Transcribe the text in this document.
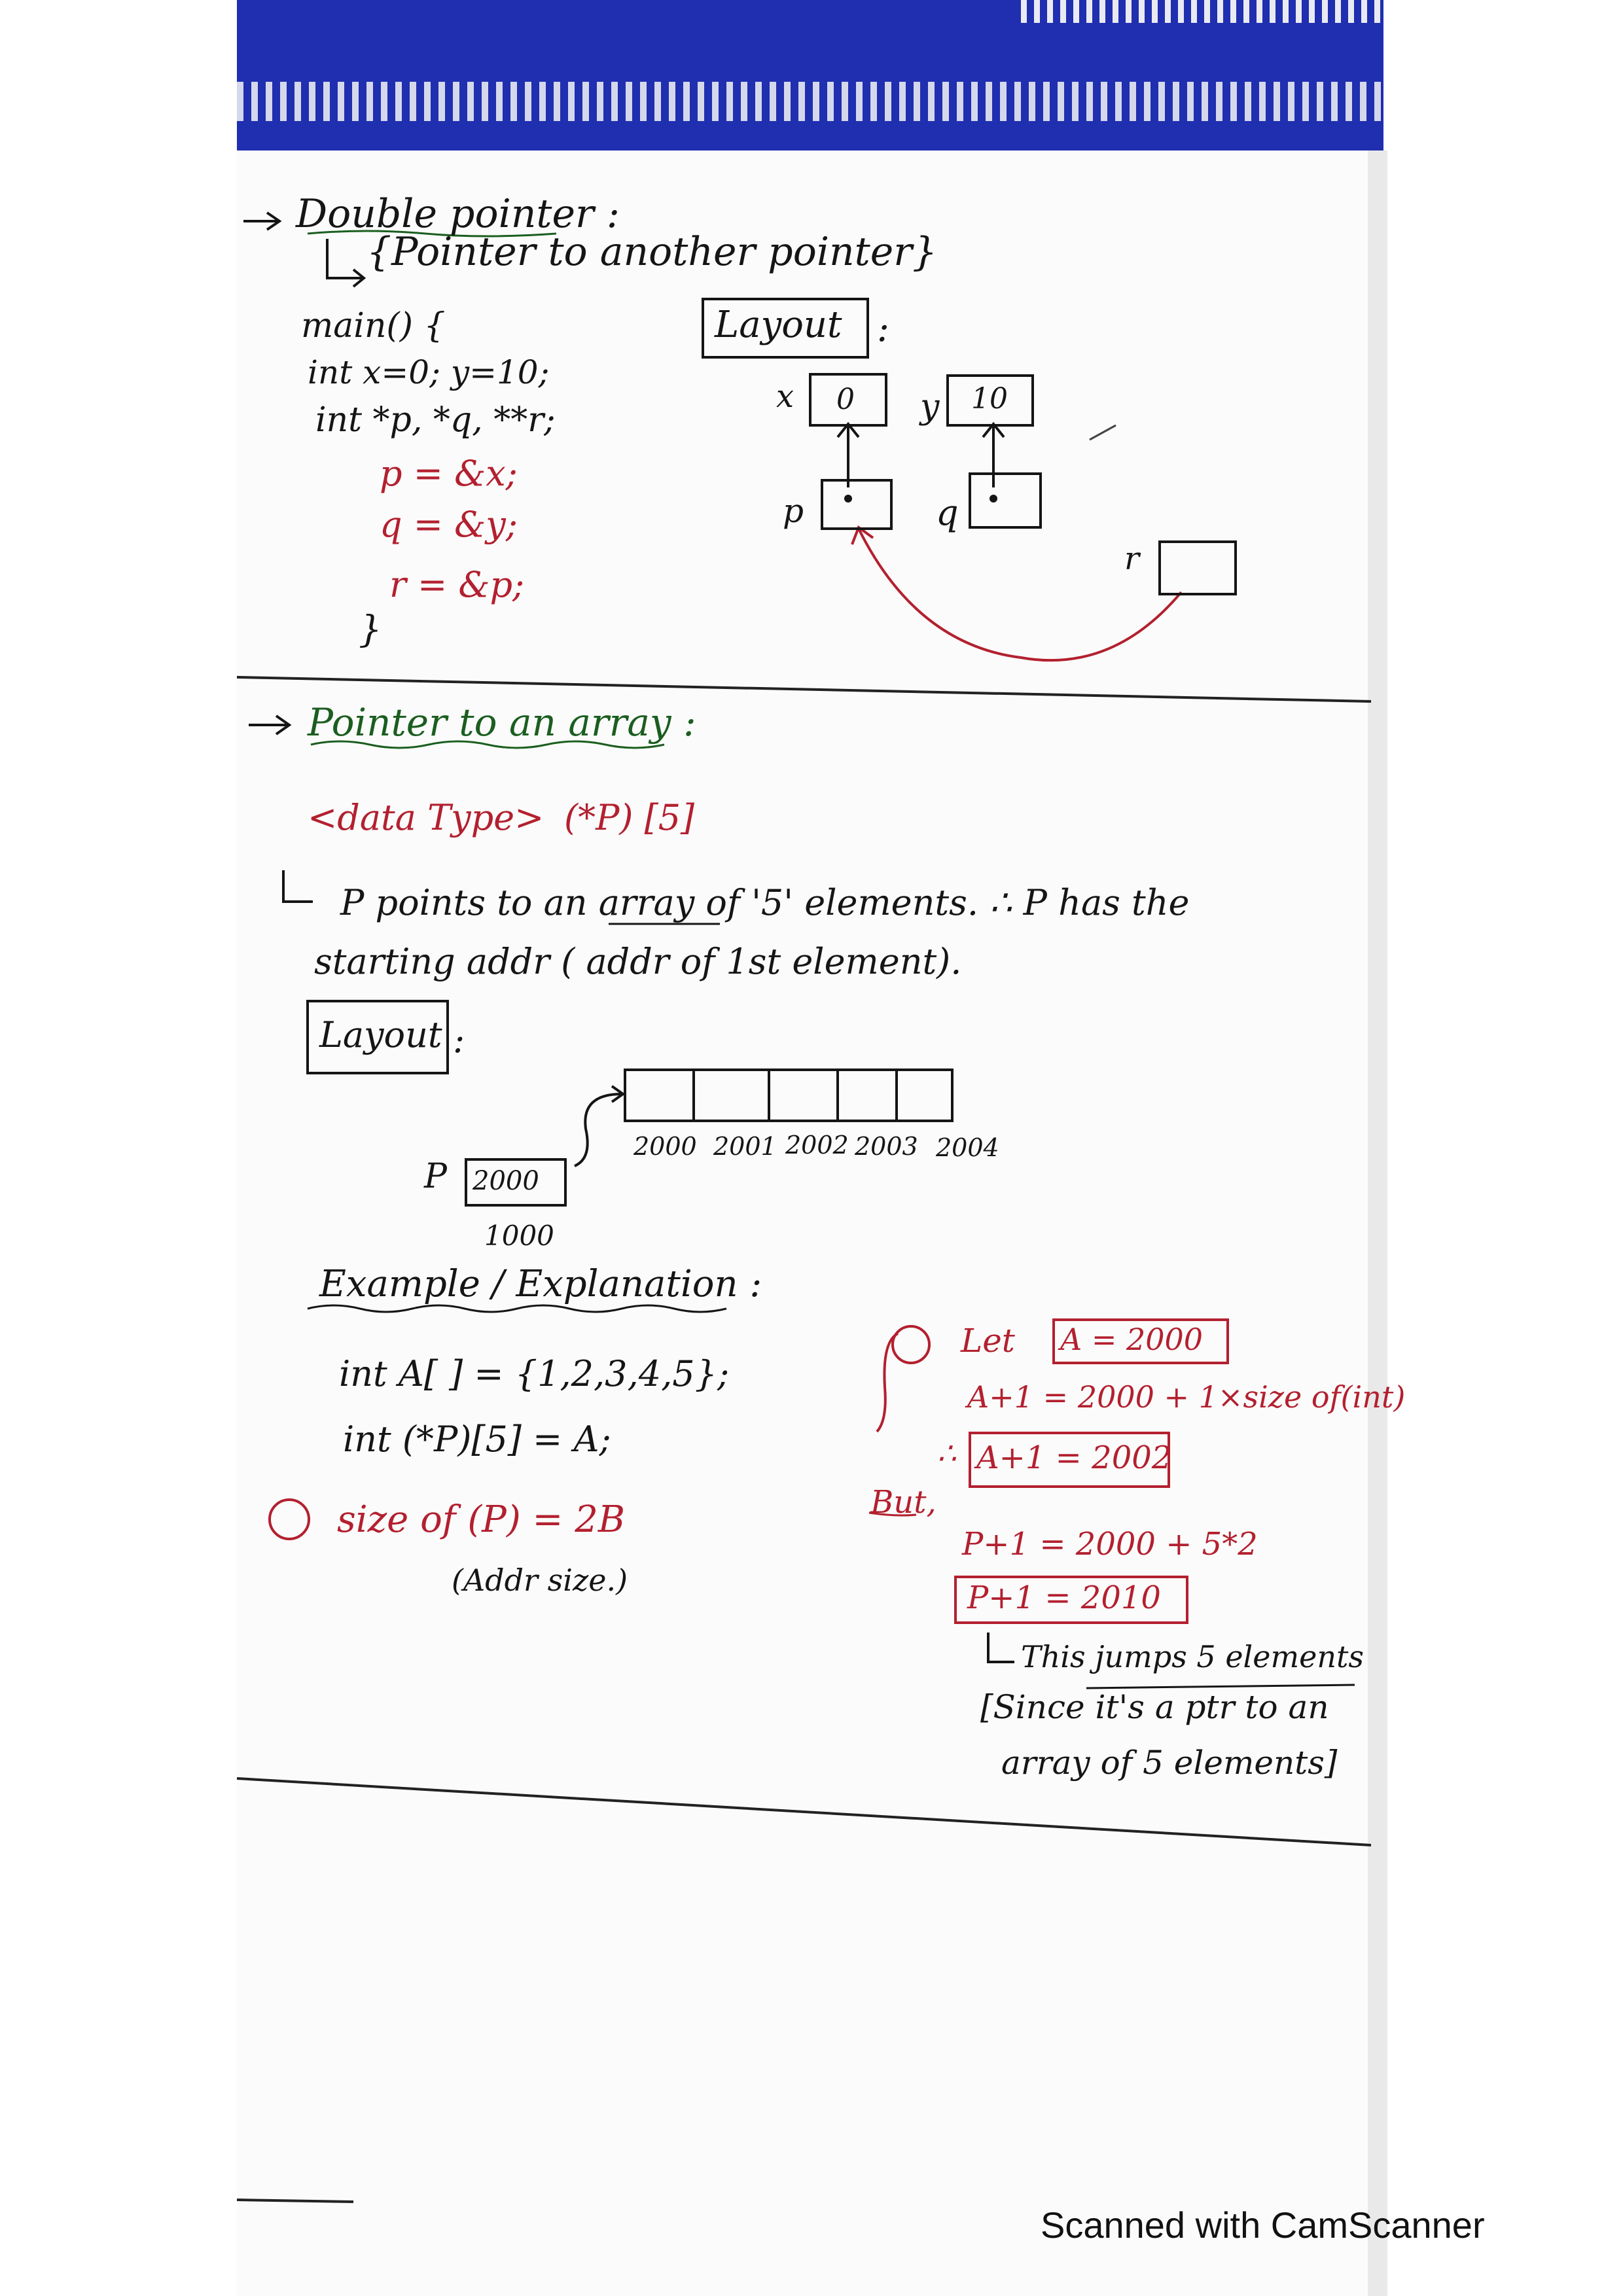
Double pointer :
{Pointer to another pointer}
main() {
int x=0; y=10;
int *p, *q, **r;
p = &x;
q = &y;
r = &p;
}
Layout :
x 0 y 10
p	q
r
Pointer to an array :
<data Type> (*P) [5]
P points to an array of '5' elements. ∴ P has the
starting addr ( addr of 1st element).
Layout :
2000 2001 2002 2003 2004
P 2000
1000
Example / Explanation :
int A[ ] = {1,2,3,4,5};
int (*P)[5] = A;
Let A = 2000
A+1 = 2000 + 1×size of(int)
∴ A+1 = 2002
size of (P) = 2B
(Addr size.)
But,
P+1 = 2000 + 5*2
P+1 = 2010
This jumps 5 elements
[Since it's a ptr to an
array of 5 elements]
Scanned with CamScanner
